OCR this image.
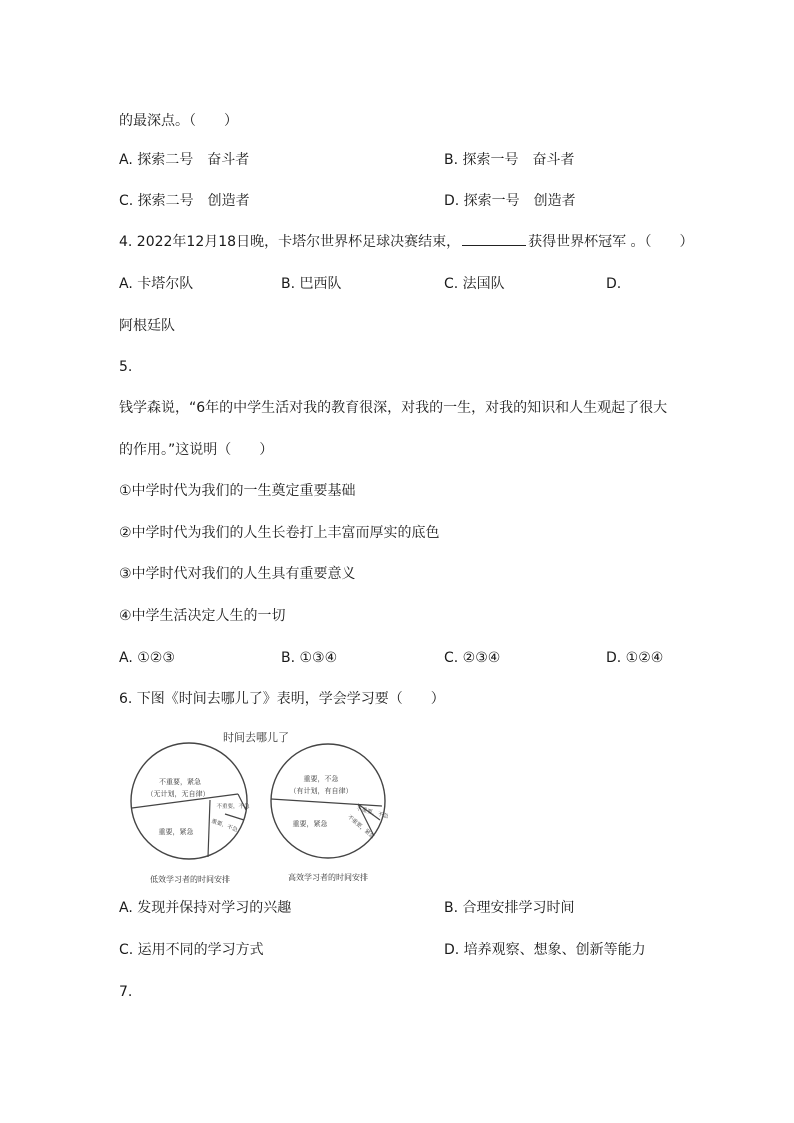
的最深点。（　　）
A. 探索二号　奋斗者	B. 探索一号　奋斗者
C. 探索二号　创造者	D. 探索一号　创造者
4. 2022年12月18日晚，卡塔尔世界杯足球决赛结束，	获得世界杯冠军 。（　　）
A. 卡塔尔队	B. 巴西队	C. 法国队	D.
阿根廷队
5.
钱学森说，“6年的中学生活对我的教育很深，对我的一生，对我的知识和人生观起了很大
的作用。”这说明（　　）
①中学时代为我们的一生奠定重要基础
②中学时代为我们的人生长卷打上丰富而厚实的底色
③中学时代对我们的人生具有重要意义
④中学生活决定人生的一切
A. ①②③	B. ①③④	C. ②③④	D. ①②④
6. 下图《时间去哪儿了》表明，学会学习要（　　）
时间去哪儿了
不重要，紧急
（无计划，无自律）
重要，紧急
不重要，不急
重要，不急
重要，不急
（有计划，有自律）
重要，紧急
不重要，不急
不重要，紧急
低效学习者的时间安排	高效学习者的时间安排
A. 发现并保持对学习的兴趣	B. 合理安排学习时间
C. 运用不同的学习方式	D. 培养观察、想象、创新等能力
7.
